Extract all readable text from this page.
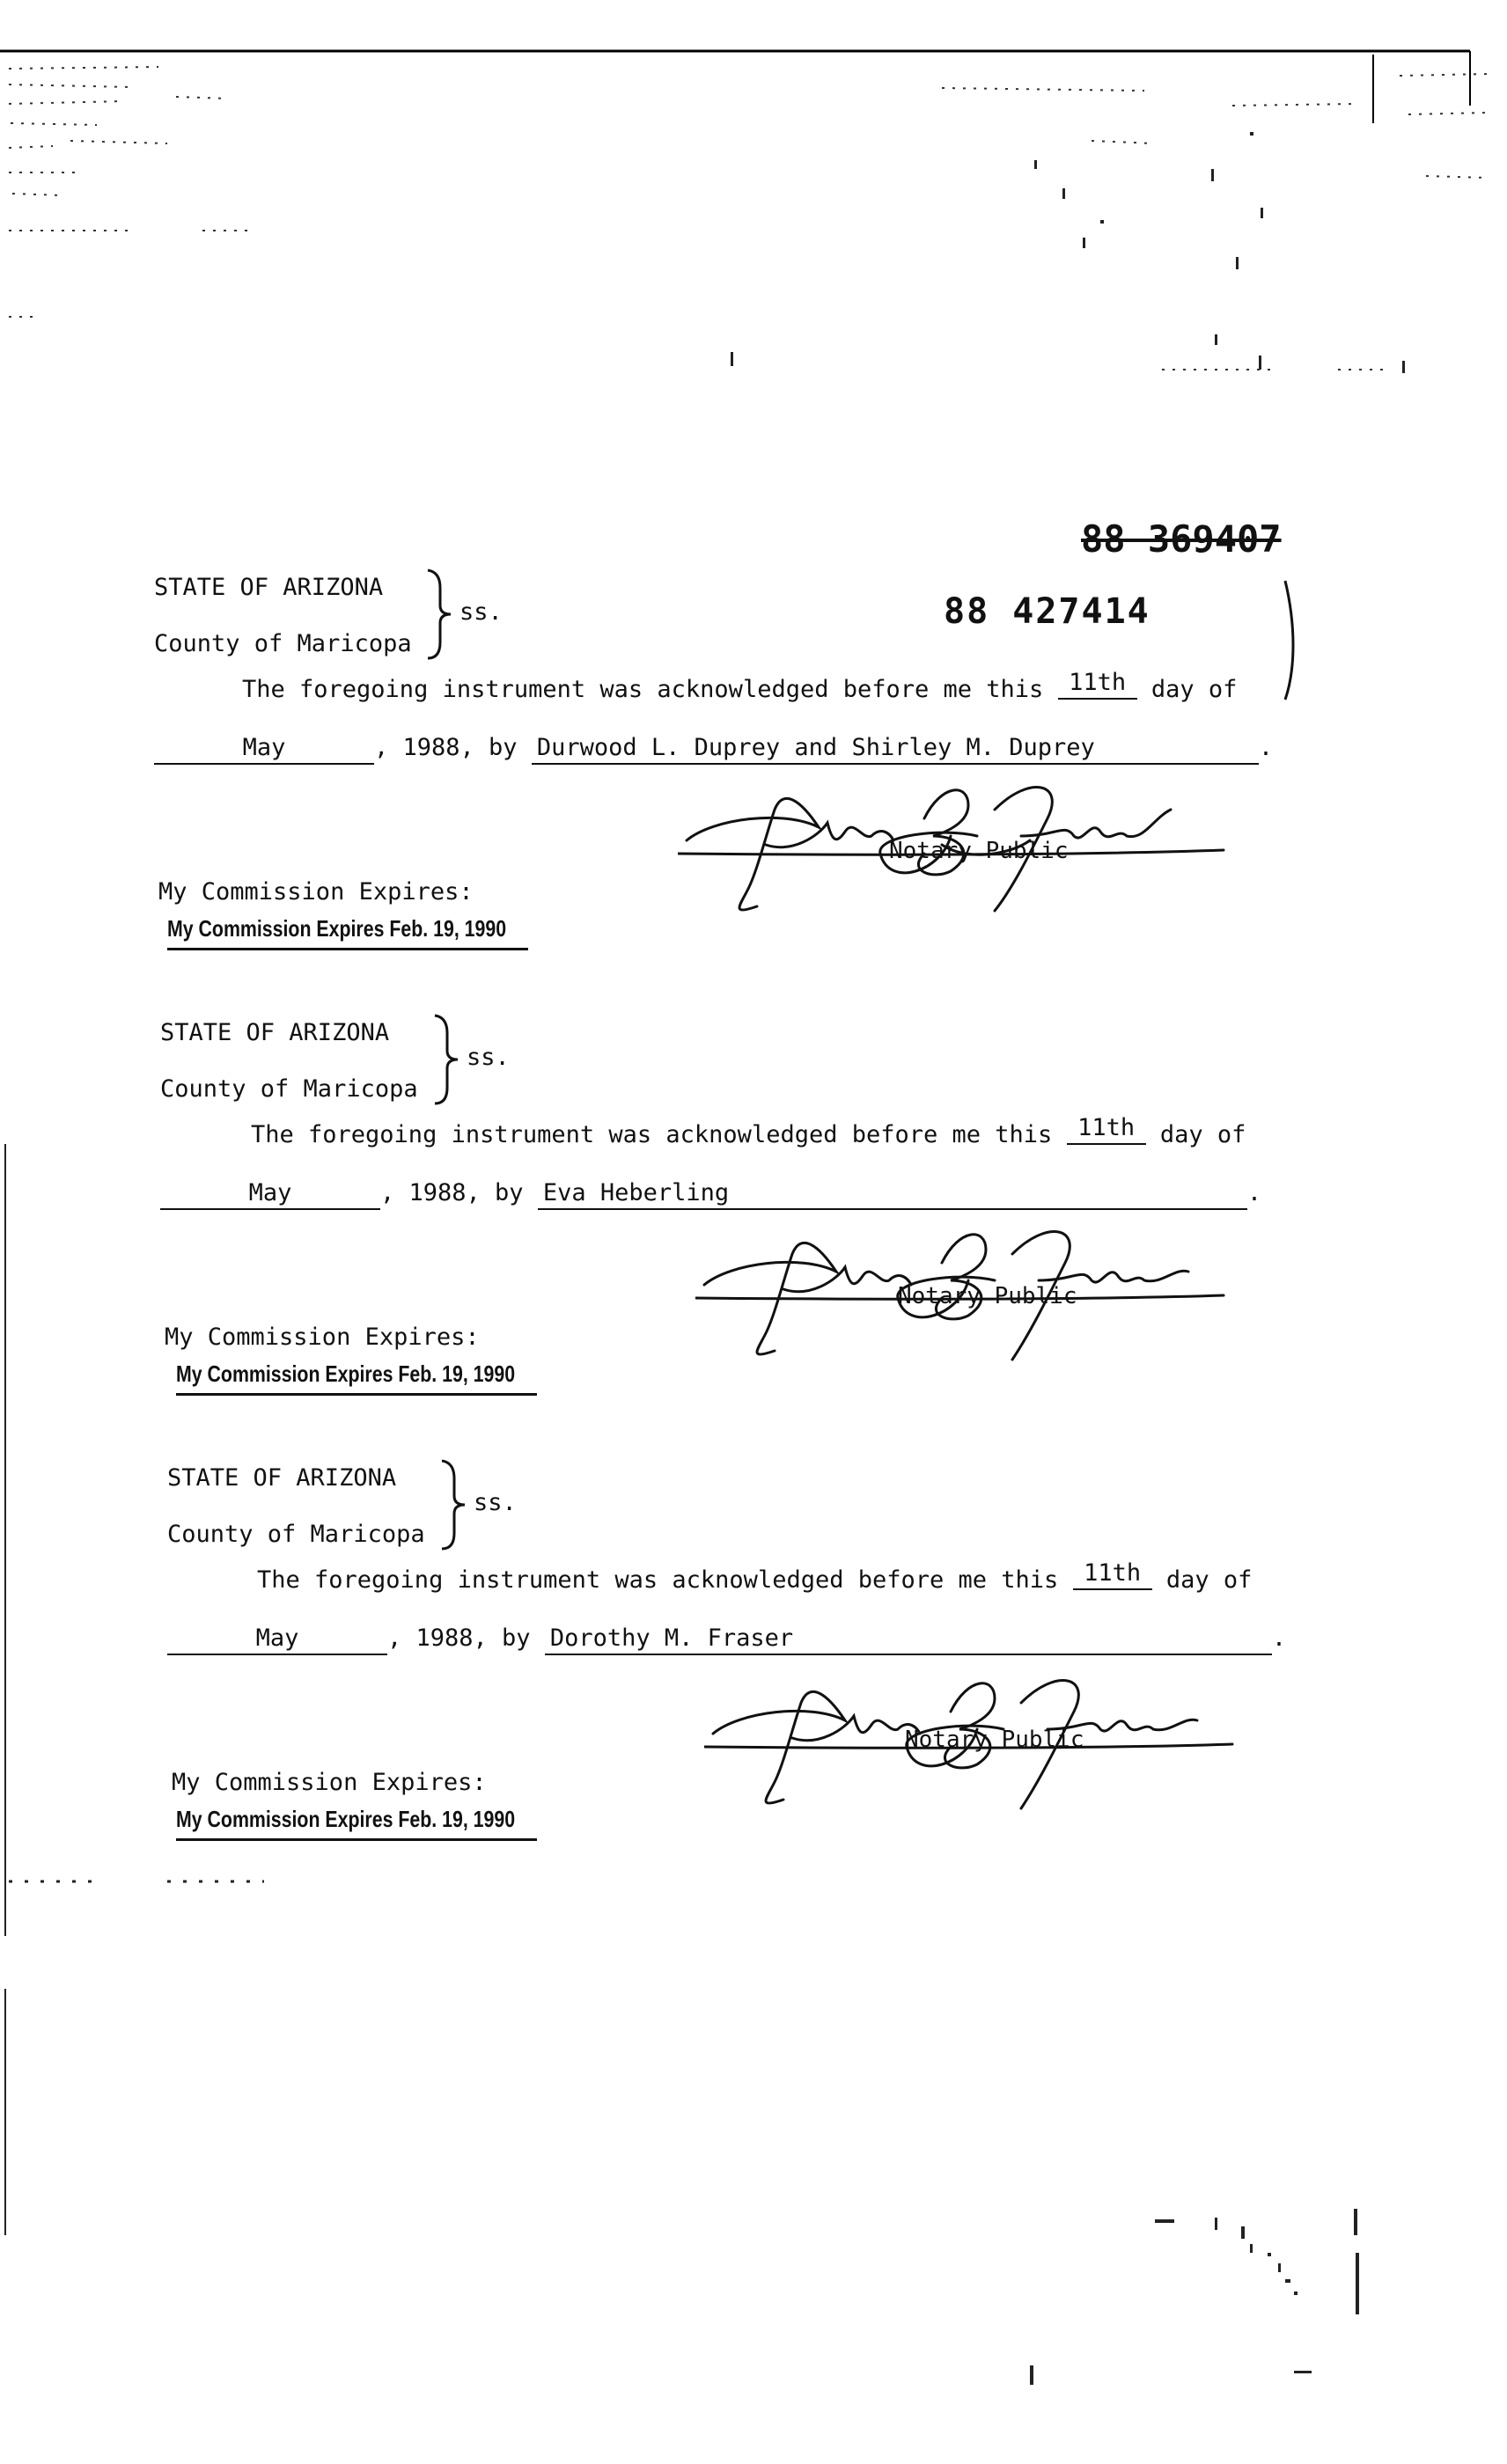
88 369407
88 427414
STATE OF ARIZONA
County of Maricopa
ss.
The foregoing instrument was acknowledged before me this 11th day of
May	, 1988, by Durwood L. Duprey and Shirley M. Duprey	.
Notary Public
My Commission Expires:
My Commission Expires Feb. 19, 1990
STATE OF ARIZONA
County of Maricopa
ss.
The foregoing instrument was acknowledged before me this 11th day of
May	, 1988, by Eva Heberling	.
Notary Public
My Commission Expires:
My Commission Expires Feb. 19, 1990
STATE OF ARIZONA
County of Maricopa
ss.
The foregoing instrument was acknowledged before me this 11th day of
May	, 1988, by Dorothy M. Fraser	.
Notary Public
My Commission Expires:
My Commission Expires Feb. 19, 1990
